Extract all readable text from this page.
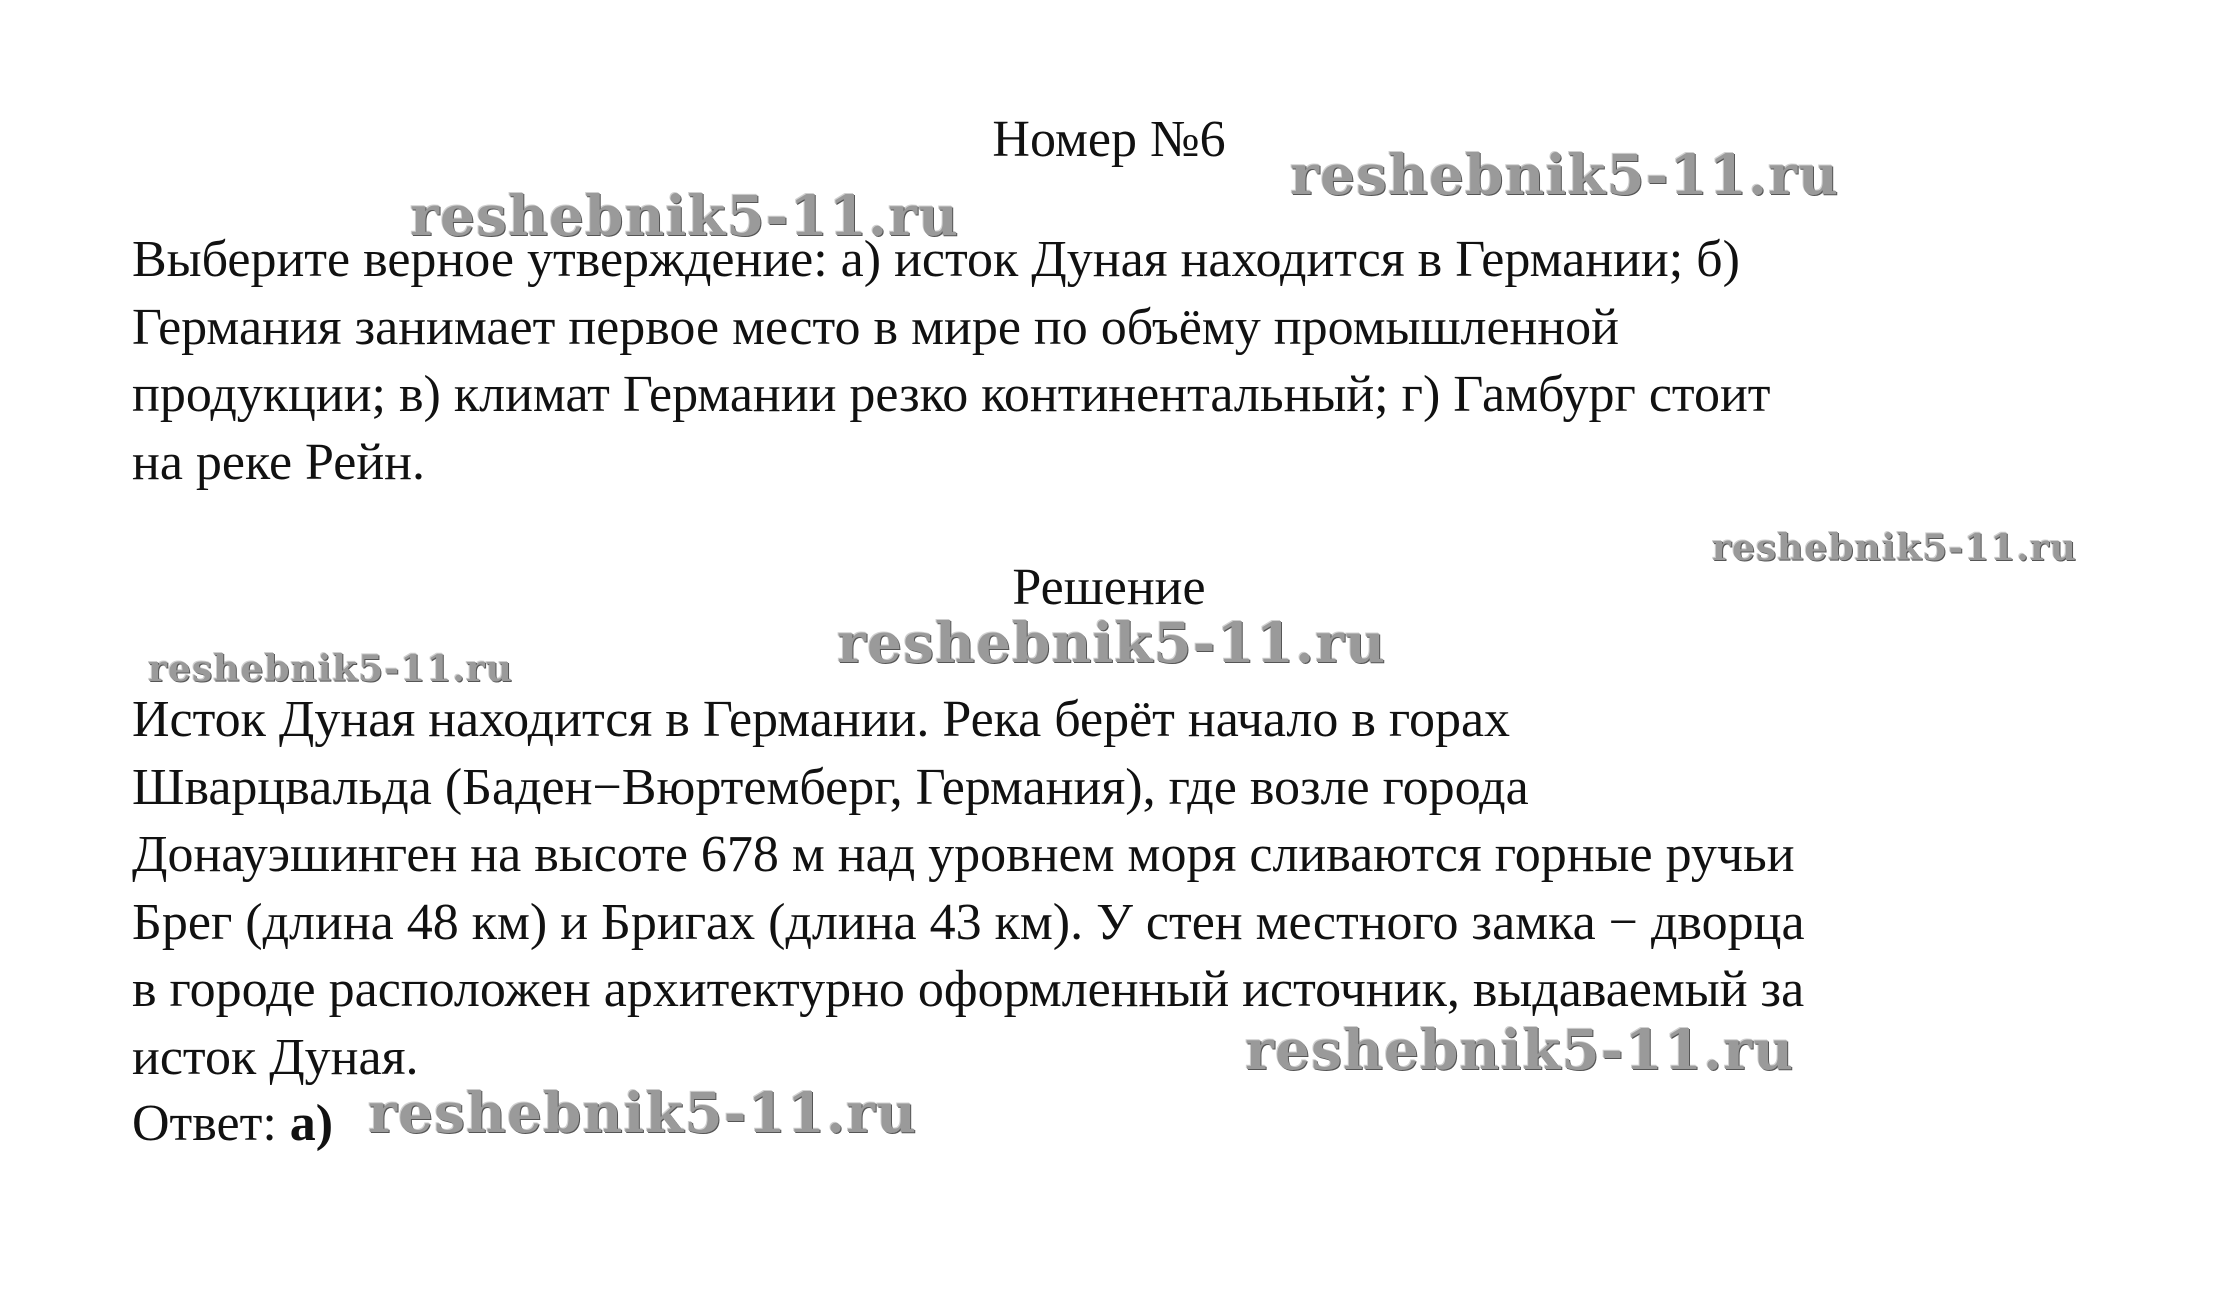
Номер №6

Выберите верное утверждение: а) исток Дуная находится в Германии; б)
Германия занимает первое место в мире по объёму промышленной
продукции; в) климат Германии резко континентальный; г) Гамбург стоит
на реке Рейн.

Решение

Исток Дуная находится в Германии. Река берёт начало в горах
Шварцвальда (Баден−Вюртемберг, Германия), где возле города
Донауэшинген на высоте 678 м над уровнем моря сливаются горные ручьи
Брег (длина 48 км) и Бригах (длина 43 км). У стен местного замка − дворца
в городе расположен архитектурно оформленный источник, выдаваемый за
исток Дуная.

Ответ: а)

reshebnik5-11.ru
reshebnik5-11.ru
reshebnik5-11.ru
reshebnik5-11.ru
reshebnik5-11.ru
reshebnik5-11.ru
reshebnik5-11.ru
